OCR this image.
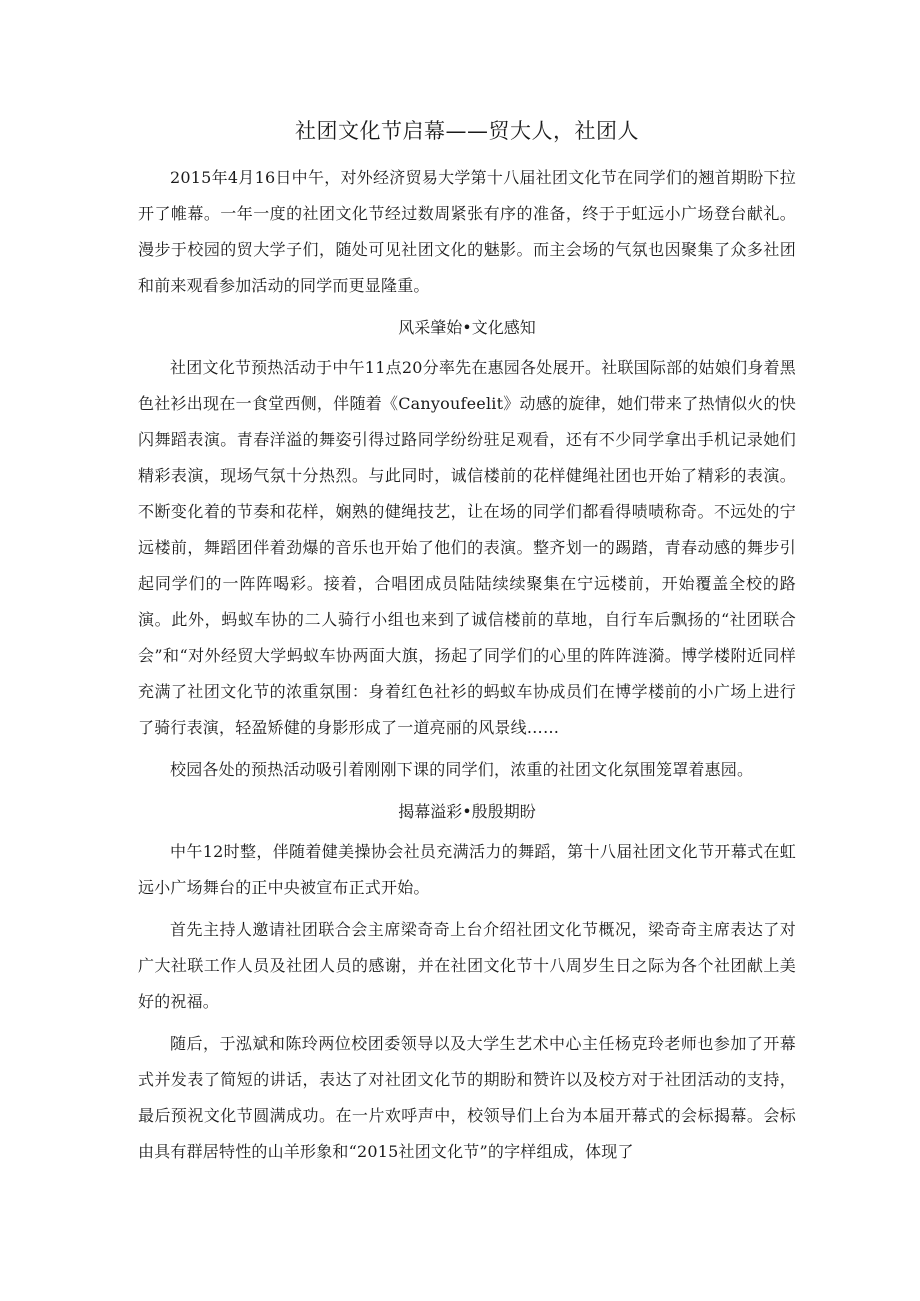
社团文化节启幕——贸大人，社团人

2015年4月16日中午，对外经济贸易大学第十八届社团文化节在同学们的翘首期盼下拉开了帷幕。一年一度的社团文化节经过数周紧张有序的准备，终于于虹远小广场登台献礼。漫步于校园的贸大学子们，随处可见社团文化的魅影。而主会场的气氛也因聚集了众多社团和前来观看参加活动的同学而更显隆重。

风采肇始•文化感知

社团文化节预热活动于中午11点20分率先在惠园各处展开。社联国际部的姑娘们身着黑色社衫出现在一食堂西侧，伴随着《Canyoufeelit》动感的旋律，她们带来了热情似火的快闪舞蹈表演。青春洋溢的舞姿引得过路同学纷纷驻足观看，还有不少同学拿出手机记录她们精彩表演，现场气氛十分热烈。与此同时，诚信楼前的花样健绳社团也开始了精彩的表演。不断变化着的节奏和花样，娴熟的健绳技艺，让在场的同学们都看得啧啧称奇。不远处的宁远楼前，舞蹈团伴着劲爆的音乐也开始了他们的表演。整齐划一的踢踏，青春动感的舞步引起同学们的一阵阵喝彩。接着，合唱团成员陆陆续续聚集在宁远楼前，开始覆盖全校的路演。此外，蚂蚁车协的二人骑行小组也来到了诚信楼前的草地，自行车后飘扬的“社团联合会”和“对外经贸大学蚂蚁车协两面大旗，扬起了同学们的心里的阵阵涟漪。博学楼附近同样充满了社团文化节的浓重氛围：身着红色社衫的蚂蚁车协成员们在博学楼前的小广场上进行了骑行表演，轻盈矫健的身影形成了一道亮丽的风景线……

校园各处的预热活动吸引着刚刚下课的同学们，浓重的社团文化氛围笼罩着惠园。

揭幕溢彩•殷殷期盼

中午12时整，伴随着健美操协会社员充满活力的舞蹈，第十八届社团文化节开幕式在虹远小广场舞台的正中央被宣布正式开始。

首先主持人邀请社团联合会主席梁奇奇上台介绍社团文化节概况，梁奇奇主席表达了对广大社联工作人员及社团人员的感谢，并在社团文化节十八周岁生日之际为各个社团献上美好的祝福。

随后，于泓斌和陈玲两位校团委领导以及大学生艺术中心主任杨克玲老师也参加了开幕式并发表了简短的讲话，表达了对社团文化节的期盼和赞许以及校方对于社团活动的支持，最后预祝文化节圆满成功。在一片欢呼声中，校领导们上台为本届开幕式的会标揭幕。会标由具有群居特性的山羊形象和“2015社团文化节”的字样组成，体现了
